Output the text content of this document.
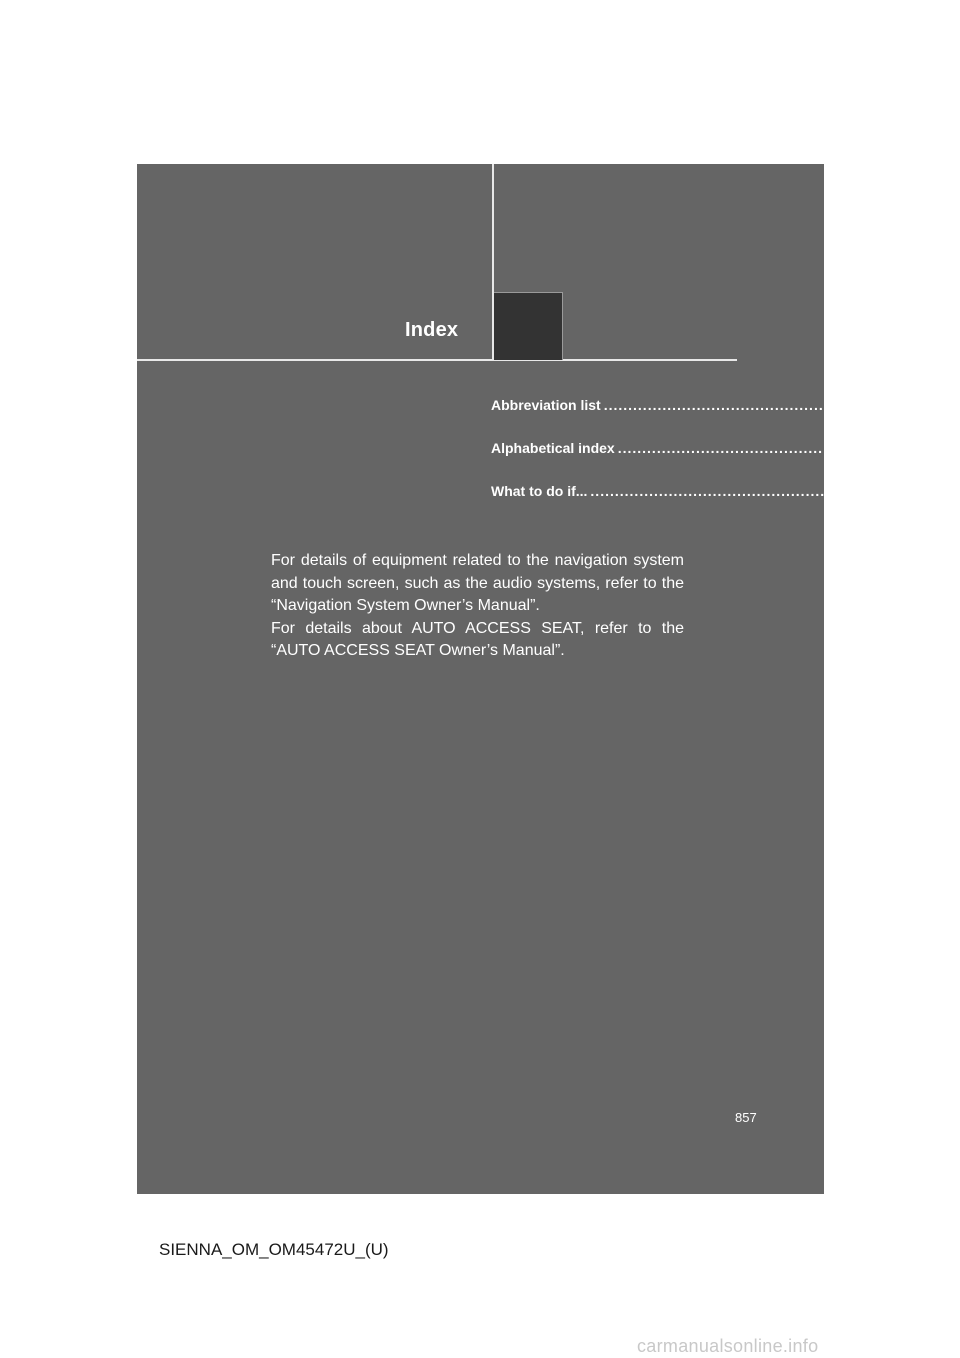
Index
Abbreviation list ........................................................ 858
Alphabetical index ........................................................ 860
What to do if... ........................................................ 871

For details of equipment related to the navigation system and touch screen, such as the audio systems, refer to the “Navigation System Owner’s Manual”.

For details about AUTO ACCESS SEAT, refer to the “AUTO ACCESS SEAT Owner’s Manual”.

857
SIENNA_OM_OM45472U_(U)
carmanualsonline.info
